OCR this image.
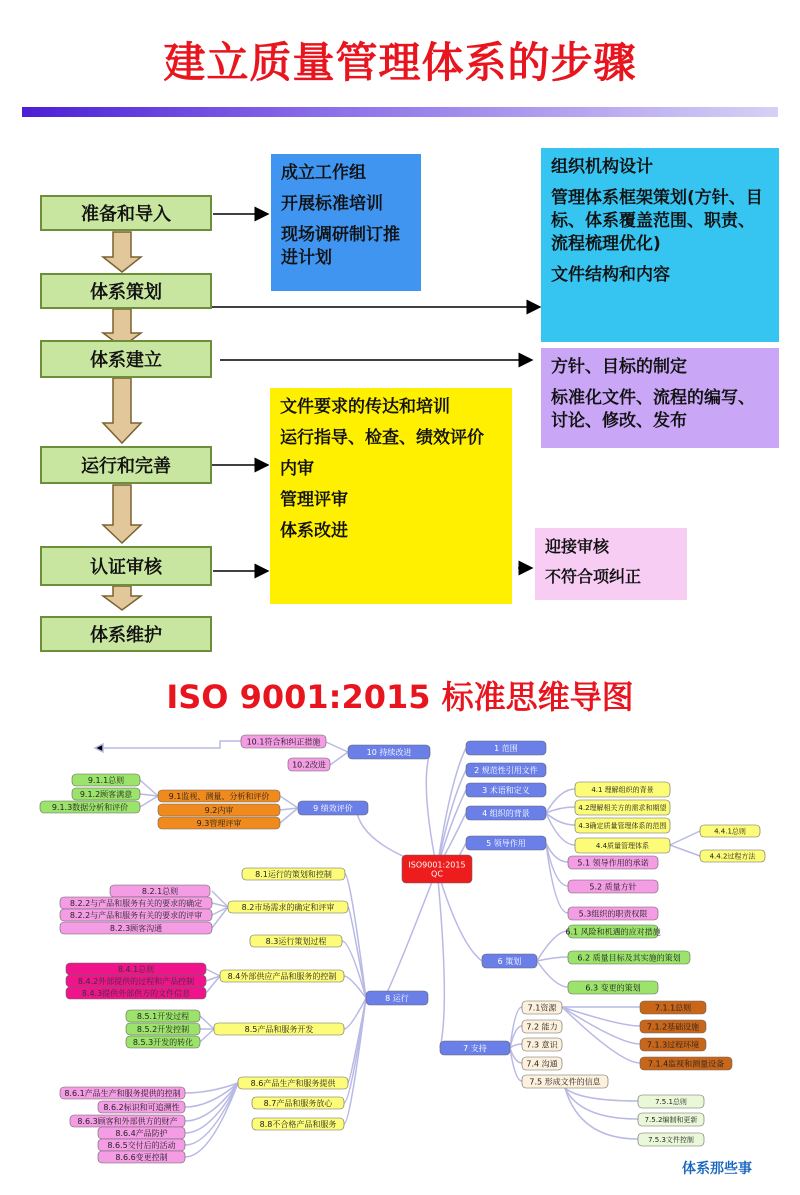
建立质量管理体系的步骤
准备和导入
体系策划
体系建立
运行和完善
认证审核
体系维护
成立工作组
开展标准培训
现场调研制订推进计划
组织机构设计
管理体系框架策划(方针、目标、体系覆盖范围、职责、流程梳理优化)
文件结构和内容
方针、目标的制定
标准化文件、流程的编写、讨论、修改、发布
文件要求的传达和培训
运行指导、检查、绩效评价
内审
管理评审
体系改进
迎接审核
不符合项纠正
ISO 9001:2015 标准思维导图
ISO9001:2015
QC
1 范围
2 规范性引用文件
3 术语和定义
4 组织的背景
5 领导作用
4.1 理解组织的背景
4.2理解相关方的需求和期望
4.3确定质量管理体系的范围
4.4质量管理体系
4.4.1总则
4.4.2过程方法
5.1 领导作用的承诺
5.2 质量方针
5.3组织的职责权限
10 持续改进
10.1符合和纠正措施
10.2改进
9 绩效评价
9.1监视、测量、分析和评价
9.2内审
9.3管理评审
9.1.1总则
9.1.2顾客满意
9.1.3数据分析和评价
6 策划
6.1 风险和机遇的应对措施
6.2 质量目标及其实施的策划
6.3 变更的策划
7 支持
7.1资源
7.2 能力
7.3 意识
7.4 沟通
7.5 形成文件的信息
7.1.1总则
7.1.2基础设施
7.1.3过程环境
7.1.4监视和测量设备
7.5.1总则
7.5.2编制和更新
7.5.3文件控制
8 运行
8.1运行的策划和控制
8.2市场需求的确定和评审
8.3运行策划过程
8.4外部供应产品和服务的控制
8.5产品和服务开发
8.6产品生产和服务提供
8.7产品和服务放心
8.8不合格产品和服务
8.2.1总则
8.2.2与产品和服务有关的要求的确定
8.2.2与产品和服务有关的要求的评审
8.2.3顾客沟通
8.4.1总则
8.4.2外部提供的过程和产品控制
8.4.3提供外部供方的文件信息
8.5.1开发过程
8.5.2开发控制
8.5.3开发的转化
8.6.1产品生产和服务提供的控制
8.6.2标识和可追溯性
8.6.3顾客和外部供方的财产
8.6.4产品防护
8.6.5交付后的活动
8.6.6变更控制
体系那些事
